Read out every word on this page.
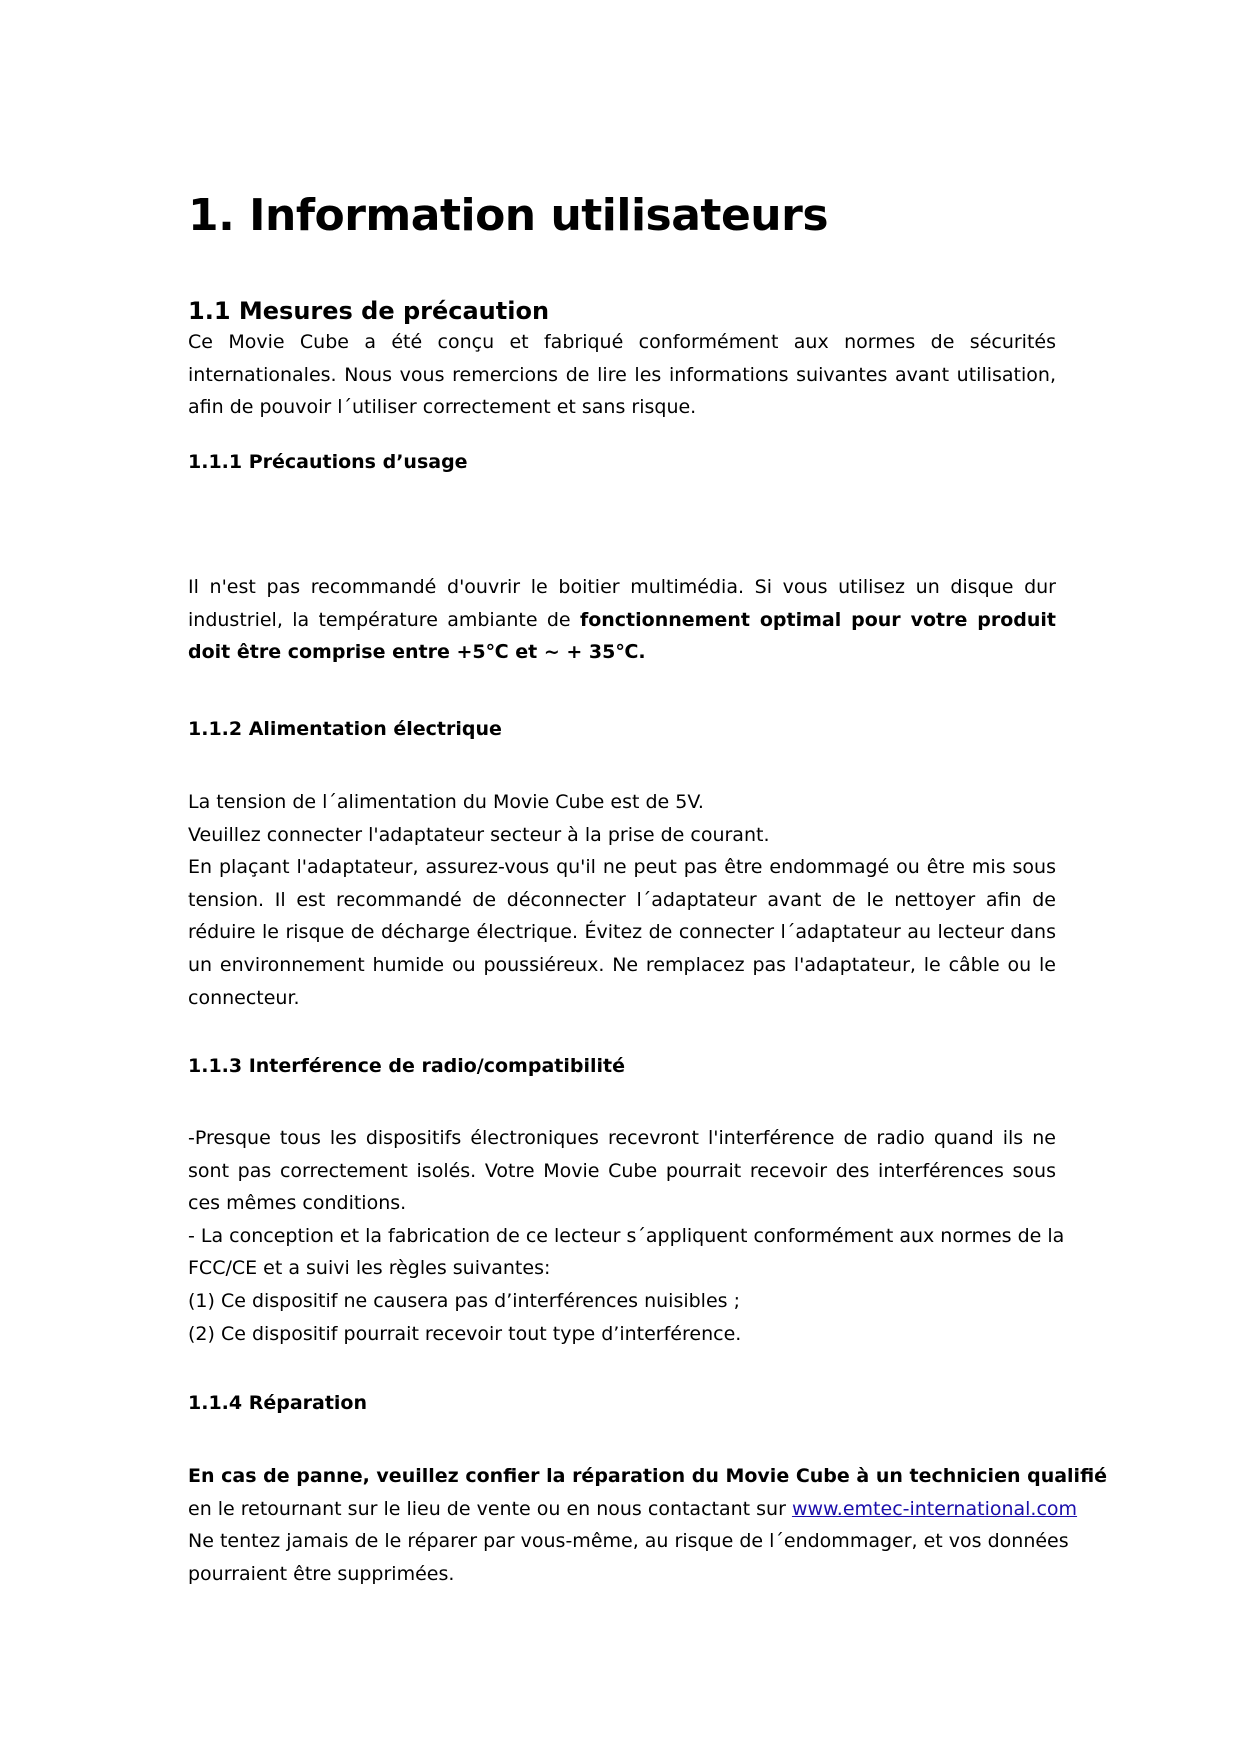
1. Information utilisateurs
1.1 Mesures de précaution

Ce Movie Cube a été conçu et fabriqué conformément aux normes de sécurités internationales. Nous vous remercions de lire les informations suivantes avant utilisation, afin de pouvoir l´utiliser correctement et sans risque.

1.1.1 Précautions d’usage

Il n'est pas recommandé d'ouvrir le boitier multimédia. Si vous utilisez un disque dur industriel, la température ambiante de fonctionnement optimal pour votre produit doit être comprise entre +5℃ et ~ + 35℃.

1.1.2 Alimentation électrique

La tension de l´alimentation du Movie Cube est de 5V.
Veuillez connecter l'adaptateur secteur à la prise de courant.
En plaçant l'adaptateur, assurez-vous qu'il ne peut pas être endommagé ou être mis sous tension. Il est recommandé de déconnecter l´adaptateur avant de le nettoyer afin de réduire le risque de décharge électrique. Évitez de connecter l´adaptateur au lecteur dans un environnement humide ou poussiéreux. Ne remplacez pas l'adaptateur, le câble ou le connecteur.

1.1.3 Interférence de radio/compatibilité

-Presque tous les dispositifs électroniques recevront l'interférence de radio quand ils ne sont pas correctement isolés. Votre Movie Cube pourrait recevoir des interférences sous ces mêmes conditions.
- La conception et la fabrication de ce lecteur s´appliquent conformément aux normes de la
FCC/CE et a suivi les règles suivantes:
(1) Ce dispositif ne causera pas d’interférences nuisibles ;
(2) Ce dispositif pourrait recevoir tout type d’interférence.

1.1.4 Réparation

En cas de panne, veuillez confier la réparation du Movie Cube à un technicien qualifié
en le retournant sur le lieu de vente ou en nous contactant sur www.emtec-international.com
Ne tentez jamais de le réparer par vous-même, au risque de l´endommager, et vos données
pourraient être supprimées.
